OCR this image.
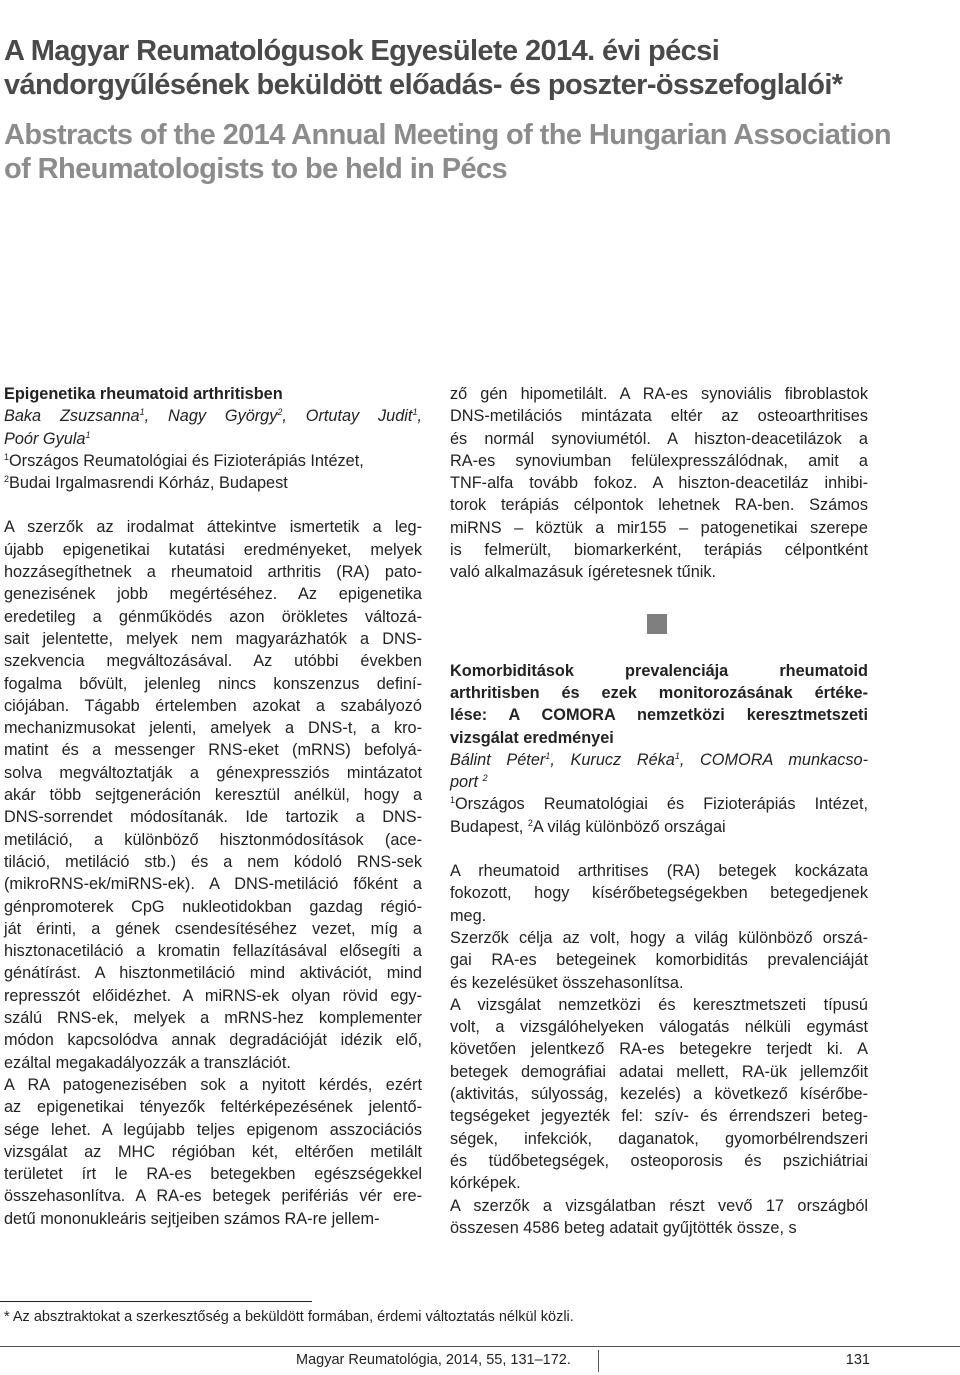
A Magyar Reumatológusok Egyesülete 2014. évi pécsi
vándorgyűlésének beküldött előadás- és poszter-összefoglalói*
Abstracts of the 2014 Annual Meeting of the Hungarian Association
of Rheumatologists to be held in Pécs
Epigenetika rheumatoid arthritisben
Baka Zsuzsanna$^1$, Nagy György$^2$, Ortutay Judit$^1$,
Poór Gyula$^1$
$^1$Országos Reumatológiai és Fizioterápiás Intézet,
$^2$Budai Irgalmasrendi Kórház, Budapest
A szerzők az irodalmat áttekintve ismertetik a leg-
újabb epigenetikai kutatási eredményeket, melyek
hozzásegíthetnek a rheumatoid arthritis (RA) pato-
genezisének jobb megértéséhez. Az epigenetika
eredetileg a génműködés azon örökletes változá-
sait jelentette, melyek nem magyarázhatók a DNS-
szekvencia megváltozásával. Az utóbbi években
fogalma bővült, jelenleg nincs konszenzus definí-
ciójában. Tágabb értelemben azokat a szabályozó
mechanizmusokat jelenti, amelyek a DNS-t, a kro-
matint és a messenger RNS-eket (mRNS) befolyá-
solva megváltoztatják a génexpressziós mintázatot
akár több sejtgeneráción keresztül anélkül, hogy a
DNS-sorrendet módosítanák. Ide tartozik a DNS-
metiláció, a különböző hisztonmódosítások (ace-
tiláció, metiláció stb.) és a nem kódoló RNS-sek
(mikroRNS-ek/miRNS-ek). A DNS-metiláció főként a
génpromoterek CpG nukleotidokban gazdag régió-
ját érinti, a gének csendesítéséhez vezet, míg a
hisztonacetiláció a kromatin fellazításával elősegíti a
génátírást. A hisztonmetiláció mind aktivációt, mind
represszót előidézhet. A miRNS-ek olyan rövid egy-
szálú RNS-ek, melyek a mRNS-hez komplementer
módon kapcsolódva annak degradációját idézik elő,
ezáltal megakadályozzák a transzlációt.
A RA patogenezisében sok a nyitott kérdés, ezért
az epigenetikai tényezők feltérképezésének jelentő-
sége lehet. A legújabb teljes epigenom asszociációs
vizsgálat az MHC régióban két, eltérően metilált
területet írt le RA-es betegekben egészségekkel
összehasonlítva. A RA-es betegek perifériás vér ere-
detű mononukleáris sejtjeiben számos RA-re jellem-
ző gén hipometilált. A RA-es synoviális fibroblastok
DNS-metilációs mintázata eltér az osteoarthritises
és normál synoviumétól. A hiszton-deacetilázok a
RA-es synoviumban felülexpresszálódnak, amit a
TNF-alfa tovább fokoz. A hiszton-deacetiláz inhibi-
torok terápiás célpontok lehetnek RA-ben. Számos
miRNS – köztük a mir155 – patogenetikai szerepe
is felmerült, biomarkerként, terápiás célpontként
való alkalmazásuk ígéretesnek tűnik.
Komorbiditások prevalenciája rheumatoid
arthritisben és ezek monitorozásának értéke-
lése: A COMORA nemzetközi keresztmetszeti
vizsgálat eredményei
Bálint Péter$^1$, Kurucz Réka$^1$, COMORA munkacso-
port $^2$
$^1$Országos Reumatológiai és Fizioterápiás Intézet,
Budapest, $^2$A világ különböző országai
A rheumatoid arthritises (RA) betegek kockázata
fokozott, hogy kísérőbetegségekben betegedjenek
meg.
Szerzők célja az volt, hogy a világ különböző orszá-
gai RA-es betegeinek komorbiditás prevalenciáját
és kezelésüket összehasonlítsa.
A vizsgálat nemzetközi és keresztmetszeti típusú
volt, a vizsgálóhelyeken válogatás nélküli egymást
követően jelentkező RA-es betegekre terjedt ki. A
betegek demográfiai adatai mellett, RA-ük jellemzőit
(aktivitás, súlyosság, kezelés) a következő kísérőbe-
tegségeket jegyezték fel: szív- és érrendszeri beteg-
ségek, infekciók, daganatok, gyomorbélrendszeri
és tüdőbetegségek, osteoporosis és pszichiátriai
kórképek.
A szerzők a vizsgálatban részt vevő 17 országból
összesen 4586 beteg adatait gyűjtötték össze, s
* Az absztraktokat a szerkesztőség a beküldött formában, érdemi változtatás nélkül közli.
Magyar Reumatológia, 2014, 55, 131–172.	131
